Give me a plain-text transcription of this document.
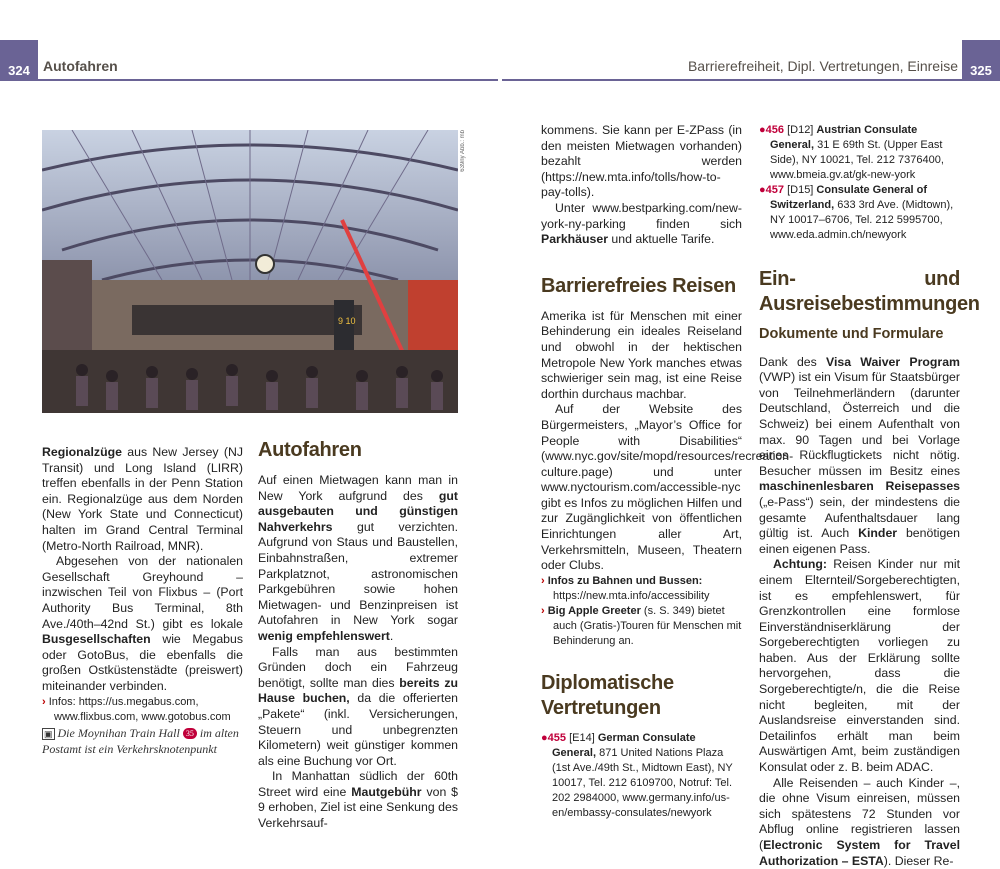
324 Autofahren	Barrierefreiheit, Dipl. Vertretungen, Einreise 325
9 10
639ny Abb.: mb

Regionalzüge aus New Jersey (NJ Transit) und Long Island (LIRR) treffen ebenfalls in der Penn Station ein. Regionalzüge aus dem Norden (New York State und Connecticut) halten im Grand Central Terminal (Metro-North Railroad, MNR).

Abgesehen von der nationalen Gesellschaft Greyhound – inzwischen Teil von Flixbus – (Port Authority Bus Terminal, 8th Ave./40th–42nd St.) gibt es lokale Busgesellschaften wie Megabus oder GotoBus, die ebenfalls die großen Ostküstenstädte (preiswert) miteinander verbinden.

› Infos: https://us.megabus.com, www.flixbus.com, www.gotobus.com

▣ Die Moynihan Train Hall 35 im alten Postamt ist ein Verkehrsknotenpunkt
Autofahren

Auf einen Mietwagen kann man in New York aufgrund des gut ausgebauten und günstigen Nahverkehrs gut verzichten. Aufgrund von Staus und Baustellen, Einbahnstraßen, extremer Parkplatznot, astronomischen Parkgebühren sowie hohen Mietwagen- und Benzinpreisen ist Autofahren in New York sogar wenig empfehlenswert.

Falls man aus bestimmten Gründen doch ein Fahrzeug benötigt, sollte man dies bereits zu Hause buchen, da die offerierten „Pakete“ (inkl. Versicherungen, Steuern und unbegrenzten Kilometern) weit günstiger kommen als eine Buchung vor Ort.

In Manhattan südlich der 60th Street wird eine Mautgebühr von $ 9 erhoben, Ziel ist eine Senkung des Verkehrsauf-

kommens. Sie kann per E-ZPass (in den meisten Mietwagen vorhanden) bezahlt werden (https://new.mta.info/tolls/how-to-pay-tolls).

Unter www.bestparking.com/new-york-ny-parking finden sich Parkhäuser und aktuelle Tarife.

Barrierefreies Reisen

Amerika ist für Menschen mit einer Behinderung ein ideales Reiseland und obwohl in der hektischen Metropole New York manches etwas schwieriger sein mag, ist eine Reise dorthin durchaus machbar.

Auf der Website des Bürgermeisters, „Mayor’s Office for People with Disabilities“ (www.nyc.gov/site/mopd/resources/recreation-culture.page) und unter www.nyctourism.com/accessible-nyc gibt es Infos zu möglichen Hilfen und zur Zugänglichkeit von öffentlichen Einrichtungen aller Art, Verkehrsmitteln, Museen, Theatern oder Clubs.

› Infos zu Bahnen und Bussen: https://new.mta.info/accessibility

› Big Apple Greeter (s. S. 349) bietet auch (Gratis-)Touren für Menschen mit Behinderung an.

Diplomatische Vertretungen

●455 [E14] German Consulate General, 871 United Nations Plaza (1st Ave./49th St., Midtown East), NY 10017, Tel. 212 6109700, Notruf: Tel. 202 2984000, www.germany.info/us-en/embassy-consulates/newyork

●456 [D12] Austrian Consulate General, 31 E 69th St. (Upper East Side), NY 10021, Tel. 212 7376400, www.bmeia.gv.at/gk-new-york

●457 [D15] Consulate General of Switzerland, 633 3rd Ave. (Midtown), NY 10017–6706, Tel. 212 5995700, www.eda.admin.ch/newyork

Ein- und Ausreisebestimmungen
Dokumente und Formulare

Dank des Visa Waiver Program (VWP) ist ein Visum für Staatsbürger von Teilnehmerländern (darunter Deutschland, Österreich und die Schweiz) bei einem Aufenthalt von max. 90 Tagen und bei Vorlage eines Rückflugtickets nicht nötig. Besucher müssen im Besitz eines maschinenlesbaren Reisepasses („e-Pass“) sein, der mindestens die gesamte Aufenthaltsdauer lang gültig ist. Auch Kinder benötigen einen eigenen Pass.

Achtung: Reisen Kinder nur mit einem Elternteil/Sorgeberechtigten, ist es empfehlenswert, für Grenzkontrollen eine formlose Einverständniserklärung der Sorgeberechtigten vorliegen zu haben. Aus der Erklärung sollte hervorgehen, dass die Sorgeberechtigte/n, die die Reise nicht begleiten, mit der Auslandsreise einverstanden sind. Detailinfos erhält man beim Auswärtigen Amt, beim zuständigen Konsulat oder z. B. beim ADAC.

Alle Reisenden – auch Kinder –, die ohne Visum einreisen, müssen sich spätestens 72 Stunden vor Abflug online registrieren lassen (Electronic System for Travel Authorization – ESTA). Dieser Re-
